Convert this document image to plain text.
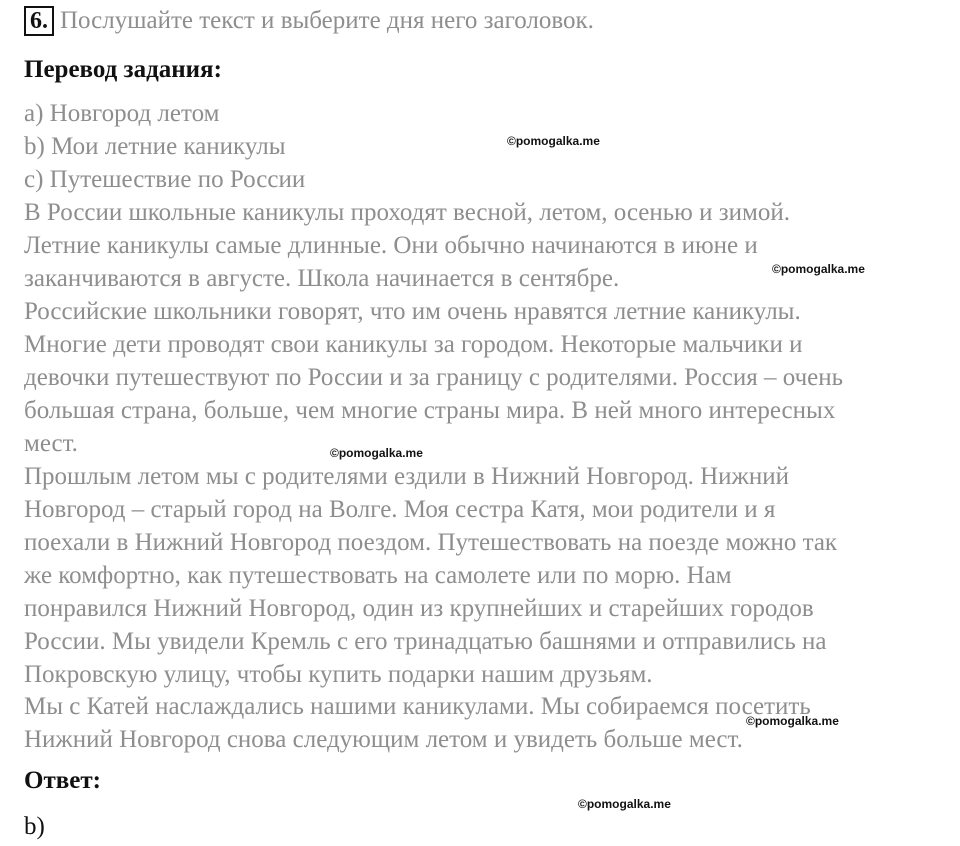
6. Послушайте текст и выберите дня него заголовок.
Перевод задания:
a) Новгород летом
b) Мои летние каникулы
c) Путешествие по России
В России школьные каникулы проходят весной, летом, осенью и зимой.
Летние каникулы самые длинные. Они обычно начинаются в июне и
заканчиваются в августе. Школа начинается в сентябре.
Российские школьники говорят, что им очень нравятся летние каникулы.
Многие дети проводят свои каникулы за городом. Некоторые мальчики и
девочки путешествуют по России и за границу с родителями. Россия – очень
большая страна, больше, чем многие страны мира. В ней много интересных
мест.
Прошлым летом мы с родителями ездили в Нижний Новгород. Нижний
Новгород – старый город на Волге. Моя сестра Катя, мои родители и я
поехали в Нижний Новгород поездом. Путешествовать на поезде можно так
же комфортно, как путешествовать на самолете или по морю. Нам
понравился Нижний Новгород, один из крупнейших и старейших городов
России. Мы увидели Кремль с его тринадцатью башнями и отправились на
Покровскую улицу, чтобы купить подарки нашим друзьям.
Мы с Катей наслаждались нашими каникулами. Мы собираемся посетить
Нижний Новгород снова следующим летом и увидеть больше мест.
Ответ:
b)
©pomogalka.me
©pomogalka.me
©pomogalka.me
©pomogalka.me
©pomogalka.me
